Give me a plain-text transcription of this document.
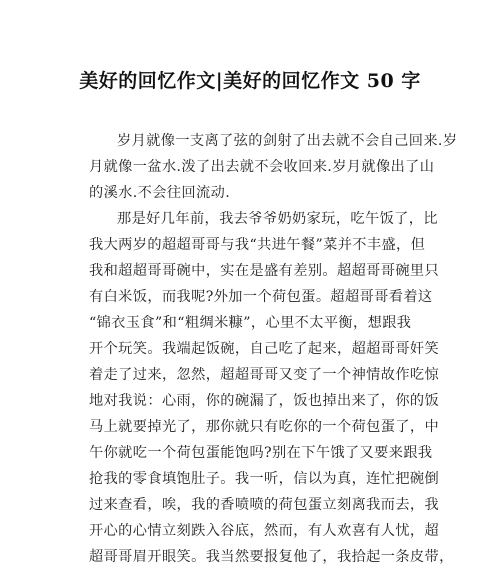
美好的回忆作文|美好的回忆作文 50 字
岁月就像一支离了弦的剑射了出去就不会自己回来.岁
月就像一盆水.泼了出去就不会收回来.岁月就像出了山
的溪水.不会往回流动.
那是好几年前，我去爷爷奶奶家玩，吃午饭了，比
我大两岁的超超哥哥与我“共进午餐”菜并不丰盛，但
我和超超哥哥碗中，实在是盛有差别。超超哥哥碗里只
有白米饭，而我呢?外加一个荷包蛋。超超哥哥看着这
“锦衣玉食”和“粗绸米糠”，心里不太平衡，想跟我
开个玩笑。我端起饭碗，自己吃了起来，超超哥哥奸笑
着走了过来，忽然，超超哥哥又变了一个神情故作吃惊
地对我说：心雨，你的碗漏了，饭也掉出来了，你的饭
马上就要掉光了，那你就只有吃你的一个荷包蛋了，中
午你就吃一个荷包蛋能饱吗?别在下午饿了又要来跟我
抢我的零食填饱肚子。我一听，信以为真，连忙把碗倒
过来查看，唉，我的香喷喷的荷包蛋立刻离我而去，我
开心的心情立刻跌入谷底，然而，有人欢喜有人忧，超
超哥哥眉开眼笑。我当然要报复他了，我拾起一条皮带，
